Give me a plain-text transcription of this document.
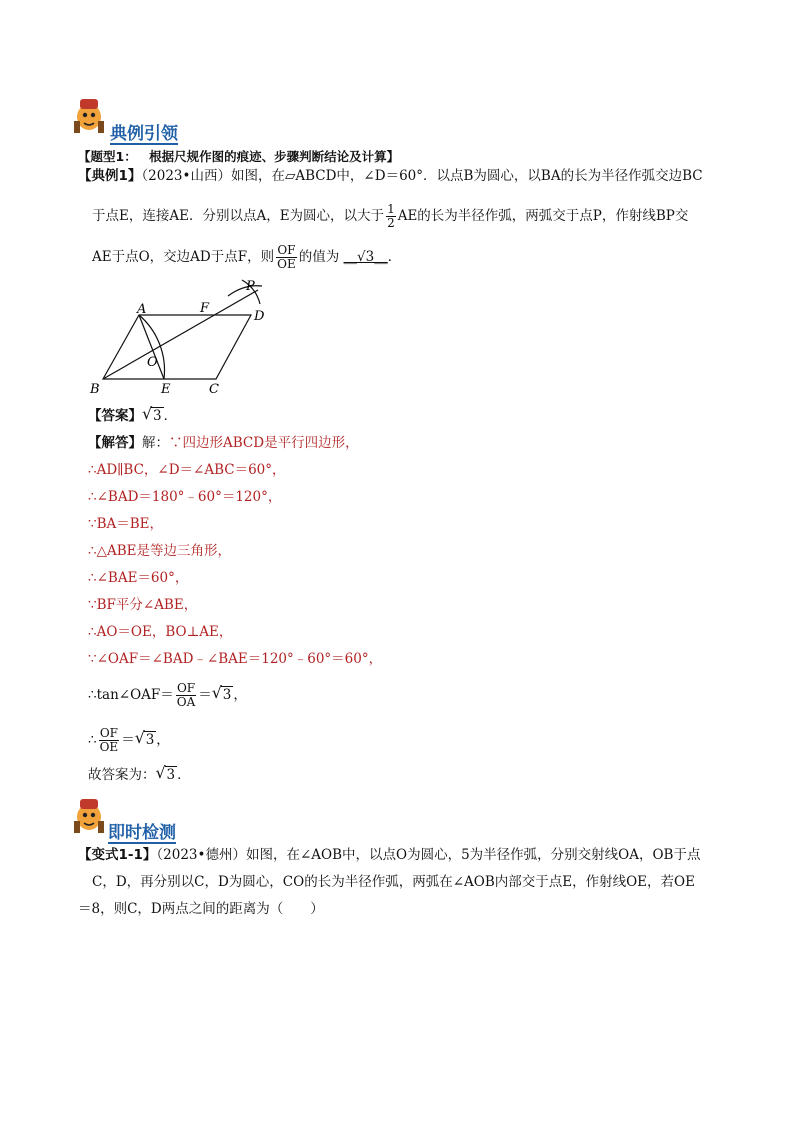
典例引领
【题型1： 根据尺规作图的痕迹、步骤判断结论及计算】
【典例1】（2023•山西）如图，在▱ABCD中，∠D＝60°．以点B为圆心，以BA的长为半径作弧交边BC
于点E，连接AE．分别以点A，E为圆心，以大于 $\frac{1}{2}$ AE的长为半径作弧，两弧交于点P，作射线BP交
AE于点O，交边AD于点F，则 $\frac{OF}{OE}$ 的值为 __√3__．
A	F
P
D
O
B	E	C
【答案】 √ 3 ．
【解答】解：∵四边形ABCD是平行四边形，
∴AD∥BC，∠D＝∠ABC＝60°，
∴∠BAD＝180°﹣60°＝120°，
∵BA＝BE，
∴△ABE是等边三角形，
∴∠BAE＝60°，
∵BF平分∠ABE，
∴AO＝OE，BO⊥AE，
∵∠OAF＝∠BAD﹣∠BAE＝120°﹣60°＝60°，
∴tan∠OAF＝ $\frac{OF}{OA}$ ＝ √ 3 ，
∴ $\frac{OF}{OE}$ ＝ √ 3 ，
故答案为： √ 3 ．
即时检测
【变式1-1】（2023•德州）如图，在∠AOB中，以点O为圆心，5为半径作弧，分别交射线OA，OB于点
C，D，再分别以C，D为圆心，CO的长为半径作弧，两弧在∠AOB内部交于点E，作射线OE，若OE
＝8，则C，D两点之间的距离为（　　）
